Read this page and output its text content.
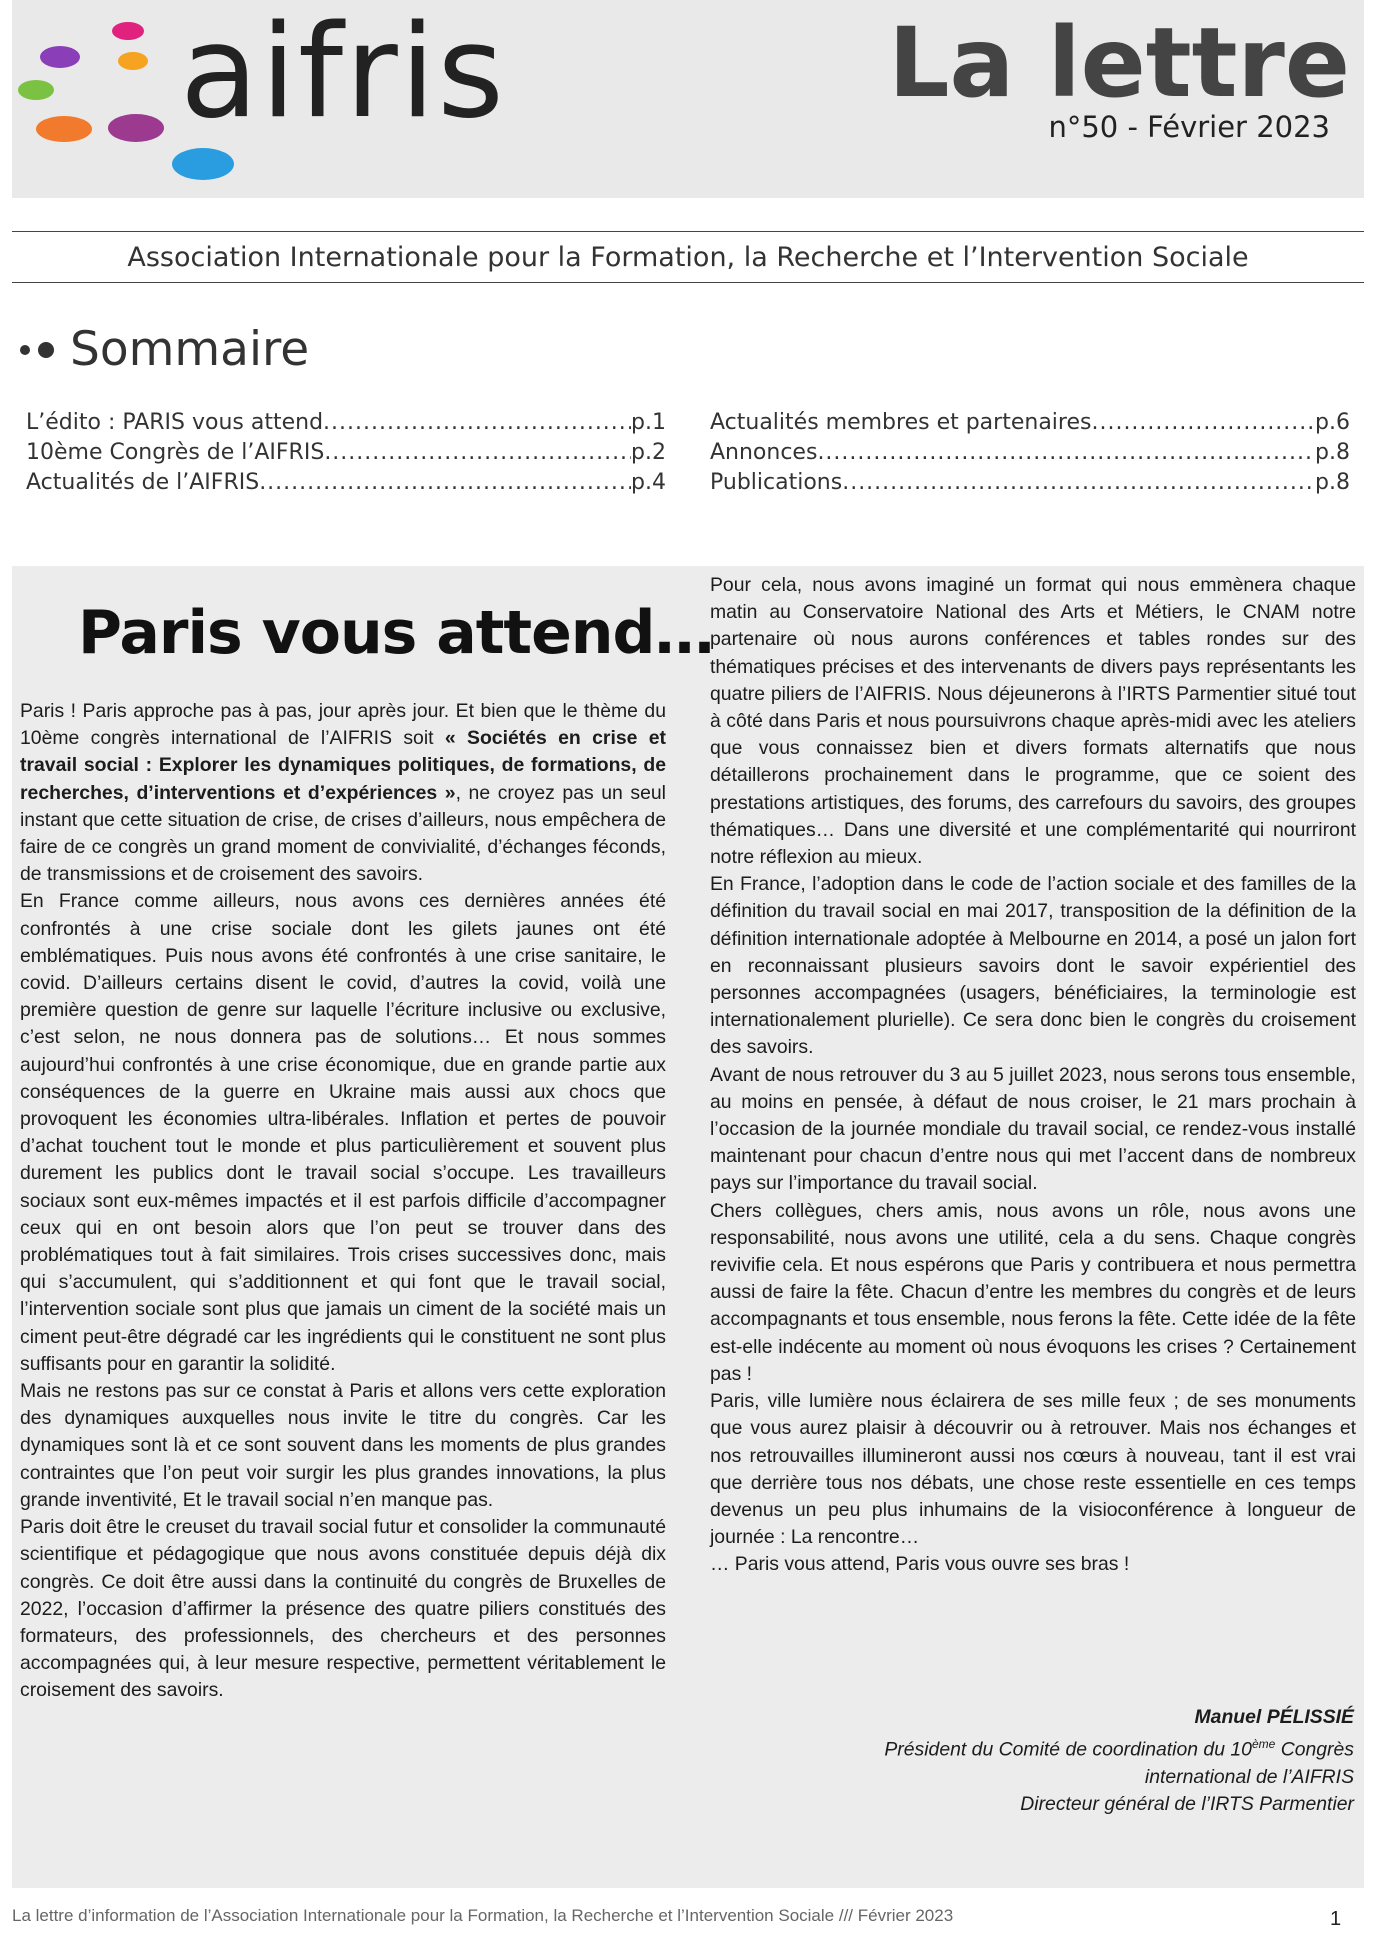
aifris	La lettre
n°50 - Février 2023
Association Internationale pour la Formation, la Recherche et l’Intervention Sociale
Sommaire
L’édito : PARIS vous attend .....	p.1
10ème Congrès de l’AIFRIS .....	p.2
Actualités de l’AIFRIS .....	p.4
Actualités membres et partenaires .....	p.6
Annonces .....	p.8
Publications .....	p.8
Paris vous attend…

Paris ! Paris approche pas à pas, jour après jour. Et bien que le thème du 10ème congrès international de l’AIFRIS soit « Sociétés en crise et travail social : Explorer les dynamiques politiques, de formations, de recherches, d’interventions et d’expériences », ne croyez pas un seul instant que cette situation de crise, de crises d’ailleurs, nous empêchera de faire de ce congrès un grand moment de convivialité, d’échanges féconds, de transmissions et de croisement des savoirs.

En France comme ailleurs, nous avons ces dernières années été confrontés à une crise sociale dont les gilets jaunes ont été emblématiques. Puis nous avons été confrontés à une crise sanitaire, le covid. D’ailleurs certains disent le covid, d’autres la covid, voilà une première question de genre sur laquelle l’écriture inclusive ou exclusive, c’est selon, ne nous donnera pas de solutions… Et nous sommes aujourd’hui confrontés à une crise économique, due en grande partie aux conséquences de la guerre en Ukraine mais aussi aux chocs que provoquent les économies ultra-libérales. Inflation et pertes de pouvoir d’achat touchent tout le monde et plus particulièrement et souvent plus durement les publics dont le travail social s’occupe. Les travailleurs sociaux sont eux-mêmes impactés et il est parfois difficile d’accompagner ceux qui en ont besoin alors que l’on peut se trouver dans des problématiques tout à fait similaires. Trois crises successives donc, mais qui s’accumulent, qui s’additionnent et qui font que le travail social, l’intervention sociale sont plus que jamais un ciment de la société mais un ciment peut-être dégradé car les ingrédients qui le constituent ne sont plus suffisants pour en garantir la solidité.

Mais ne restons pas sur ce constat à Paris et allons vers cette exploration des dynamiques auxquelles nous invite le titre du congrès. Car les dynamiques sont là et ce sont souvent dans les moments de plus grandes contraintes que l’on peut voir surgir les plus grandes innovations, la plus grande inventivité, Et le travail social n’en manque pas.

Paris doit être le creuset du travail social futur et consolider la communauté scientifique et pédagogique que nous avons constituée depuis déjà dix congrès. Ce doit être aussi dans la continuité du congrès de Bruxelles de 2022, l’occasion d’affirmer la présence des quatre piliers constitués des formateurs, des professionnels, des chercheurs et des personnes accompagnées qui, à leur mesure respective, permettent véritablement le croisement des savoirs.

Pour cela, nous avons imaginé un format qui nous emmènera chaque matin au Conservatoire National des Arts et Métiers, le CNAM notre partenaire où nous aurons conférences et tables rondes sur des thématiques précises et des intervenants de divers pays représentants les quatre piliers de l’AIFRIS. Nous déjeunerons à l’IRTS Parmentier situé tout à côté dans Paris et nous poursuivrons chaque après-midi avec les ateliers que vous connaissez bien et divers formats alternatifs que nous détaillerons prochainement dans le programme, que ce soient des prestations artistiques, des forums, des carrefours du savoirs, des groupes thématiques… Dans une diversité et une complémentarité qui nourriront notre réflexion au mieux.

En France, l’adoption dans le code de l’action sociale et des familles de la définition du travail social en mai 2017, transposition de la définition de la définition internationale adoptée à Melbourne en 2014, a posé un jalon fort en reconnaissant plusieurs savoirs dont le savoir expérientiel des personnes accompagnées (usagers, bénéficiaires, la terminologie est internationalement plurielle). Ce sera donc bien le congrès du croisement des savoirs.

Avant de nous retrouver du 3 au 5 juillet 2023, nous serons tous ensemble, au moins en pensée, à défaut de nous croiser, le 21 mars prochain à l’occasion de la journée mondiale du travail social, ce rendez-vous installé maintenant pour chacun d’entre nous qui met l’accent dans de nombreux pays sur l’importance du travail social.

Chers collègues, chers amis, nous avons un rôle, nous avons une responsabilité, nous avons une utilité, cela a du sens. Chaque congrès revivifie cela. Et nous espérons que Paris y contribuera et nous permettra aussi de faire la fête. Chacun d’entre les membres du congrès et de leurs accompagnants et tous ensemble, nous ferons la fête. Cette idée de la fête est-elle indécente au moment où nous évoquons les crises ? Certainement pas !

Paris, ville lumière nous éclairera de ses mille feux ; de ses monuments que vous aurez plaisir à découvrir ou à retrouver. Mais nos échanges et nos retrouvailles illumineront aussi nos cœurs à nouveau, tant il est vrai que derrière tous nos débats, une chose reste essentielle en ces temps devenus un peu plus inhumains de la visioconférence à longueur de journée : La rencontre…

… Paris vous attend, Paris vous ouvre ses bras !

Manuel PÉLISSIÉ
Président du Comité de coordination du 10ème Congrès
international de l’AIFRIS
Directeur général de l’IRTS Parmentier
La lettre d’information de l’Association Internationale pour la Formation, la Recherche et l’Intervention Sociale /// Février 2023	1
